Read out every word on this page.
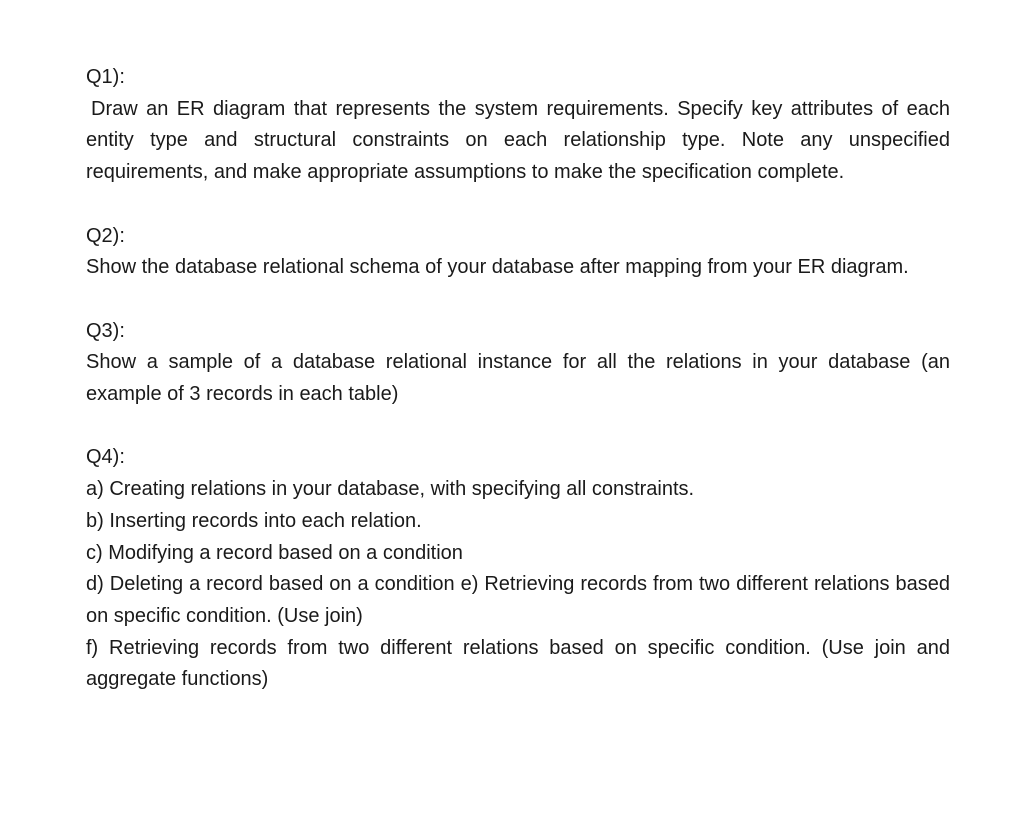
Q1):

Draw an ER diagram that represents the system requirements. Specify key attributes of each entity type and structural constraints on each relationship type. Note any unspecified requirements, and make appropriate assumptions to make the specification complete.

Q2):

Show the database relational schema of your database after mapping from your ER diagram.

Q3):

Show a sample of a database relational instance for all the relations in your database (an example of 3 records in each table)

Q4):

a) Creating relations in your database, with specifying all constraints.

b) Inserting records into each relation.

c) Modifying a record based on a condition

d) Deleting a record based on a condition e) Retrieving records from two different relations based on specific condition. (Use join)

f) Retrieving records from two different relations based on specific condition. (Use join and aggregate functions)
